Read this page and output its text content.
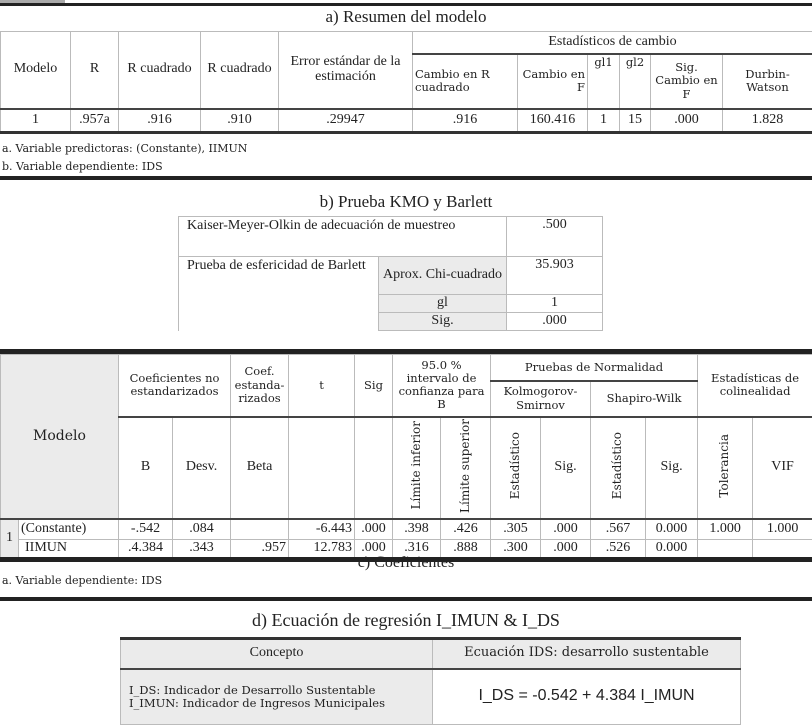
a) Resumen del modelo
Modelo	R	R cuadrado	R cuadrado	Error estándar de la estimación	Estadísticos de cambio					
					Cambio en R cuadrado	Cambio en F	gl1	gl2	Sig. Cambio en F	Durbin-Watson
1	.957a	.916	.910	.29947	.916	160.416	1	15	.000	1.828
a. Variable predictoras: (Constante), IIMUN
b. Variable dependiente: IDS
b) Prueba KMO y Barlett
Kaiser-Meyer-Olkin de adecuación de muestreo		.500
Prueba de esfericidad de Barlett	Aprox. Chi-cuadrado	35.903
	gl	1
	Sig.	.000
Modelo		Coeficientes no estandarizados		Coef. estanda-rizados	t	Sig	95.0 % intervalo de confianza para B		Pruebas de Normalidad				Estadísticas de colinealidad	
									Kolmogorov-Smirnov		Shapiro-Wilk			
		B	Desv.	Beta			Límite inferior	Límite superior	Estadístico	Sig.	Estadístico	Sig.	Tolerancia	VIF
1	(Constante)	-.542	.084		-6.443	.000	.398	.426	.305	.000	.567	0.000	1.000	1.000
	IIMUN	.4.384	.343	.957	12.783	.000	.316	.888	.300	.000	.526	0.000		
c) Coeficientes
a. Variable dependiente: IDS
d) Ecuación de regresión I_IMUN & I_DS
Concepto	Ecuación IDS: desarrollo sustentable

I_DS: Indicador de Desarrollo Sustentable
I_IMUN: Indicador de Ingresos Municipales	I_DS = -0.542 + 4.384 I_IMUN
